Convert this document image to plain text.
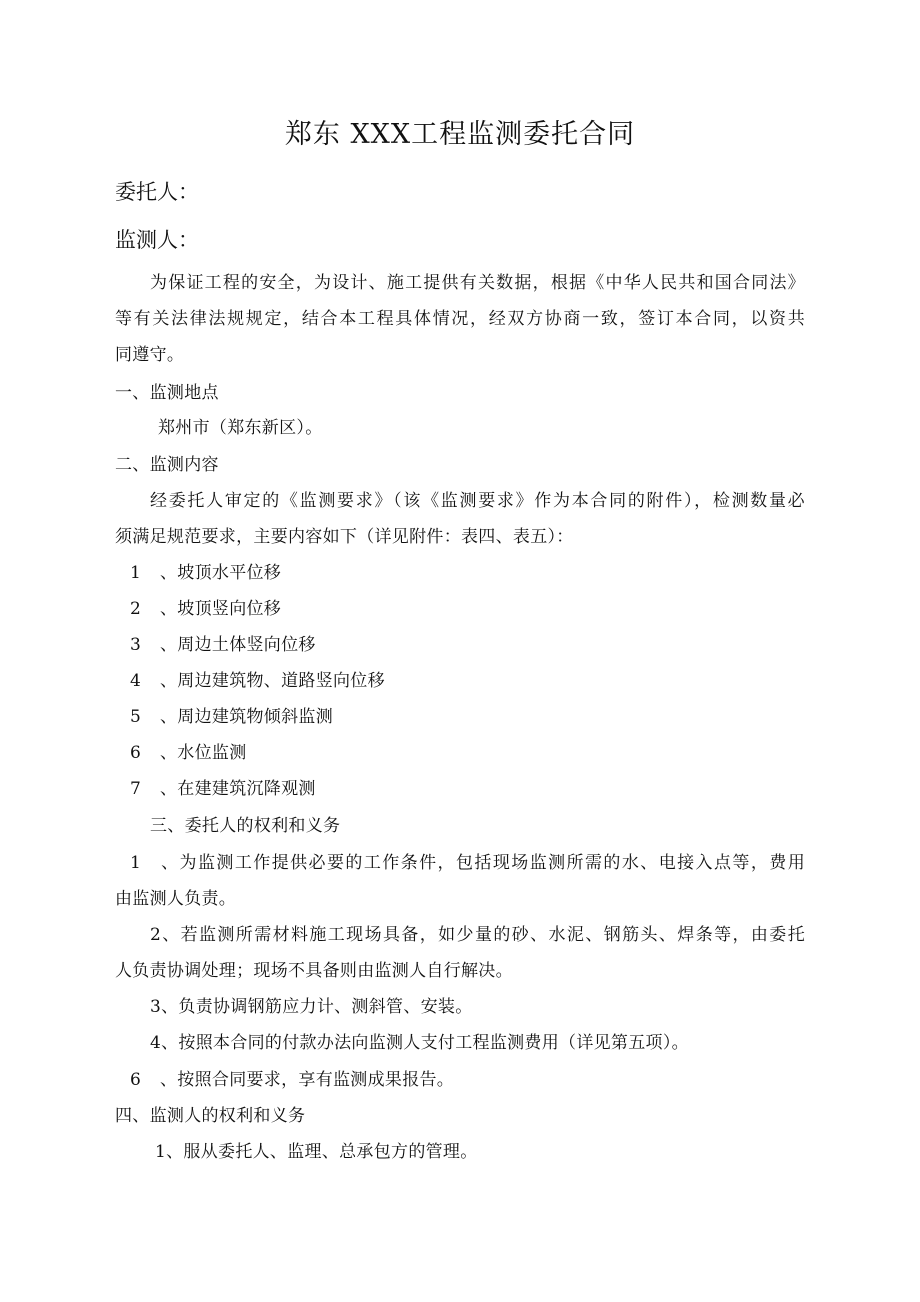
郑东 XXX工程监测委托合同
委托人：
监测人：
为保证工程的安全，为设计、施工提供有关数据，根据《中华人民共和国合同法》
等有关法律法规规定，结合本工程具体情况，经双方协商一致，签订本合同，以资共
同遵守。
一、监测地点
郑州市（郑东新区）。
二、监测内容
经委托人审定的《监测要求》（该《监测要求》作为本合同的附件），检测数量必
须满足规范要求，主要内容如下（详见附件：表四、表五）：
1 、坡顶水平位移
2 、坡顶竖向位移
3 、周边土体竖向位移
4 、周边建筑物、道路竖向位移
5 、周边建筑物倾斜监测
6 、水位监测
7 、在建建筑沉降观测
三、委托人的权利和义务
1 、为监测工作提供必要的工作条件，包括现场监测所需的水、电接入点等，费用
由监测人负责。
2、若监测所需材料施工现场具备，如少量的砂、水泥、钢筋头、焊条等，由委托
人负责协调处理；现场不具备则由监测人自行解决。
3、负责协调钢筋应力计、测斜管、安装。
4、按照本合同的付款办法向监测人支付工程监测费用（详见第五项）。
6 、按照合同要求，享有监测成果报告。
四、监测人的权利和义务
1、服从委托人、监理、总承包方的管理。
